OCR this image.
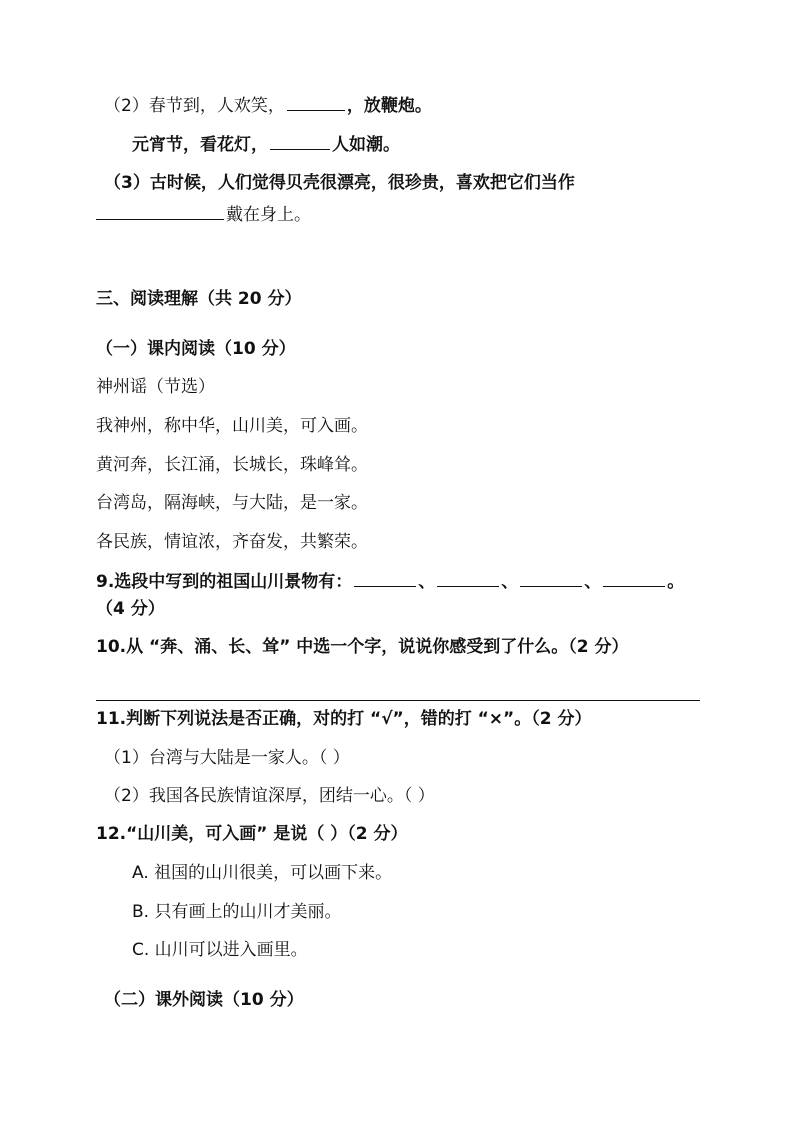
（2）春节到，人欢笑，	，放鞭炮。
元宵节，看花灯，	人如潮。
（3）古时候，人们觉得贝壳很漂亮，很珍贵，喜欢把它们当作
戴在身上。
三、阅读理解（共 20 分）
（一）课内阅读（10 分）
神州谣（节选）
我神州，称中华，山川美，可入画。
黄河奔，长江涌，长城长，珠峰耸。
台湾岛，隔海峡，与大陆，是一家。
各民族，情谊浓，齐奋发，共繁荣。
9.选段中写到的祖国山川景物有：	、	、	、	。
（4 分）
10.从 “奔、涌、长、耸” 中选一个字，说说你感受到了什么。（2 分）
11.判断下列说法是否正确，对的打 “√”，错的打 “×”。（2 分）
（1）台湾与大陆是一家人。（ ）
（2）我国各民族情谊深厚，团结一心。（ ）
12.“山川美，可入画” 是说（ ）（2 分）
A. 祖国的山川很美，可以画下来。
B. 只有画上的山川才美丽。
C. 山川可以进入画里。
（二）课外阅读（10 分）
